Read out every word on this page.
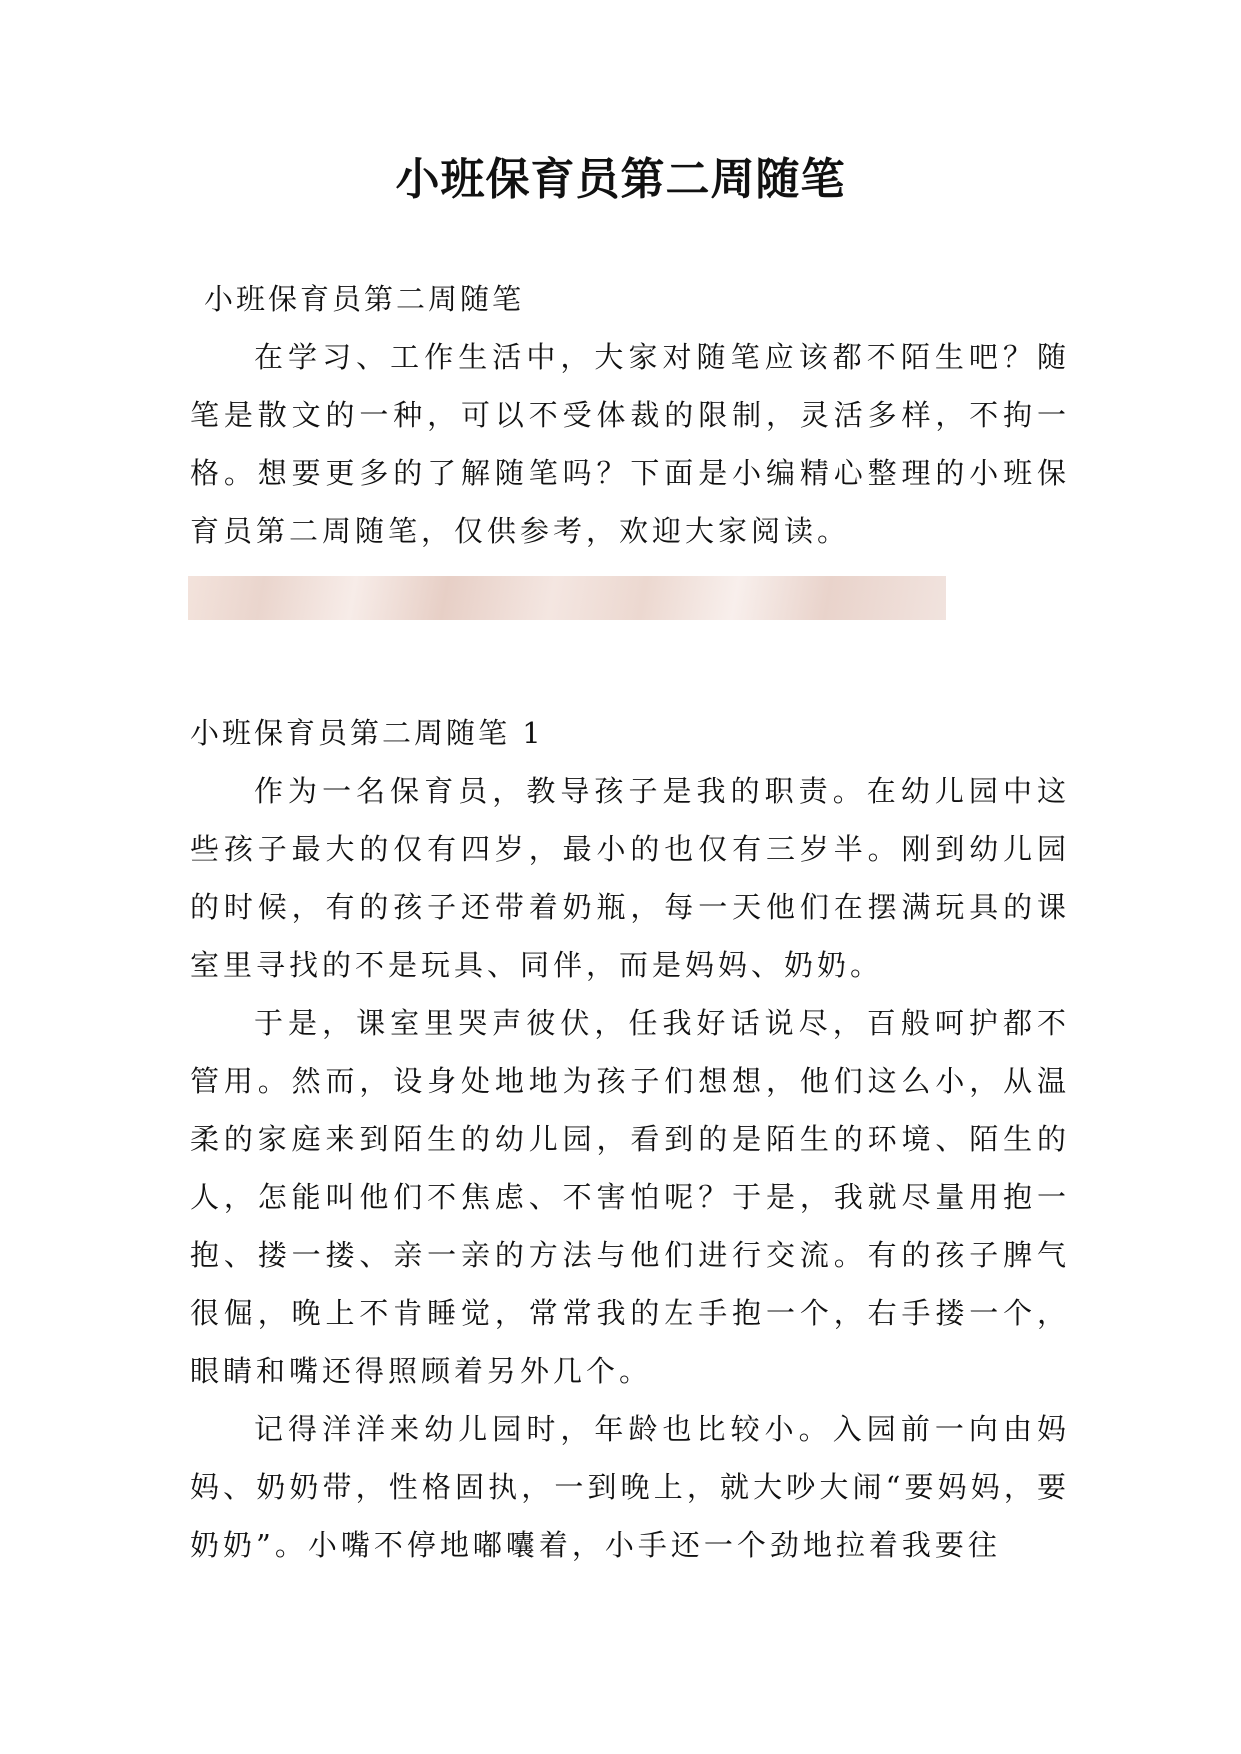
小班保育员第二周随笔
小班保育员第二周随笔

在学习、工作生活中，大家对随笔应该都不陌生吧？随笔是散文的一种，可以不受体裁的限制，灵活多样，不拘一格。想要更多的了解随笔吗？下面是小编精心整理的小班保育员第二周随笔，仅供参考，欢迎大家阅读。

小班保育员第二周随笔 1

作为一名保育员，教导孩子是我的职责。在幼儿园中这些孩子最大的仅有四岁，最小的也仅有三岁半。刚到幼儿园的时候，有的孩子还带着奶瓶，每一天他们在摆满玩具的课室里寻找的不是玩具、同伴，而是妈妈、奶奶。

于是，课室里哭声彼伏，任我好话说尽，百般呵护都不管用。然而，设身处地地为孩子们想想，他们这么小，从温柔的家庭来到陌生的幼儿园，看到的是陌生的环境、陌生的人，怎能叫他们不焦虑、不害怕呢？于是，我就尽量用抱一抱、搂一搂、亲一亲的方法与他们进行交流。有的孩子脾气很倔，晚上不肯睡觉，常常我的左手抱一个，右手搂一个，眼睛和嘴还得照顾着另外几个。

记得洋洋来幼儿园时，年龄也比较小。入园前一向由妈妈、奶奶带，性格固执，一到晚上，就大吵大闹“要妈妈，要奶奶”。小嘴不停地嘟囔着，小手还一个劲地拉着我要往
